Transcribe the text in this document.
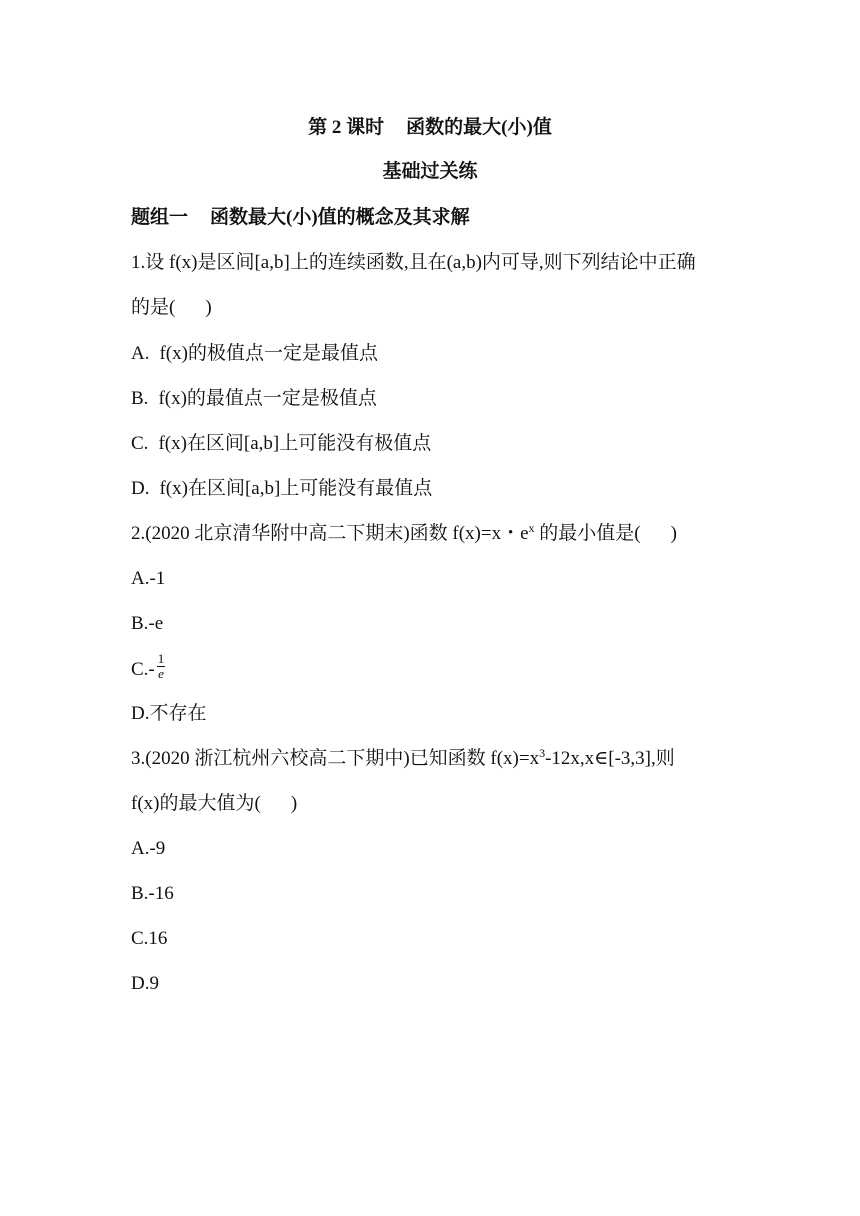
第 2 课时 函数的最大(小)值
基础过关练
题组一 函数最大(小)值的概念及其求解
1.设 f(x)是区间[a,b]上的连续函数,且在(a,b)内可导,则下列结论中正确
的是( )
A. f(x)的极值点一定是最值点
B. f(x)的最值点一定是极值点
C. f(x)在区间[a,b]上可能没有极值点
D. f(x)在区间[a,b]上可能没有最值点
2.(2020 北京清华附中高二下期末)函数 f(x)=x・$e^x$ 的最小值是( )
A.-1
B.-e
$C.- \frac{1}{e}$
D.不存在
3.(2020 浙江杭州六校高二下期中)已知函数 $f(x)=x^3-12x,x\in[-3,3]$,则
f(x)的最大值为( )
A.-9
B.-16
C.16
D.9
